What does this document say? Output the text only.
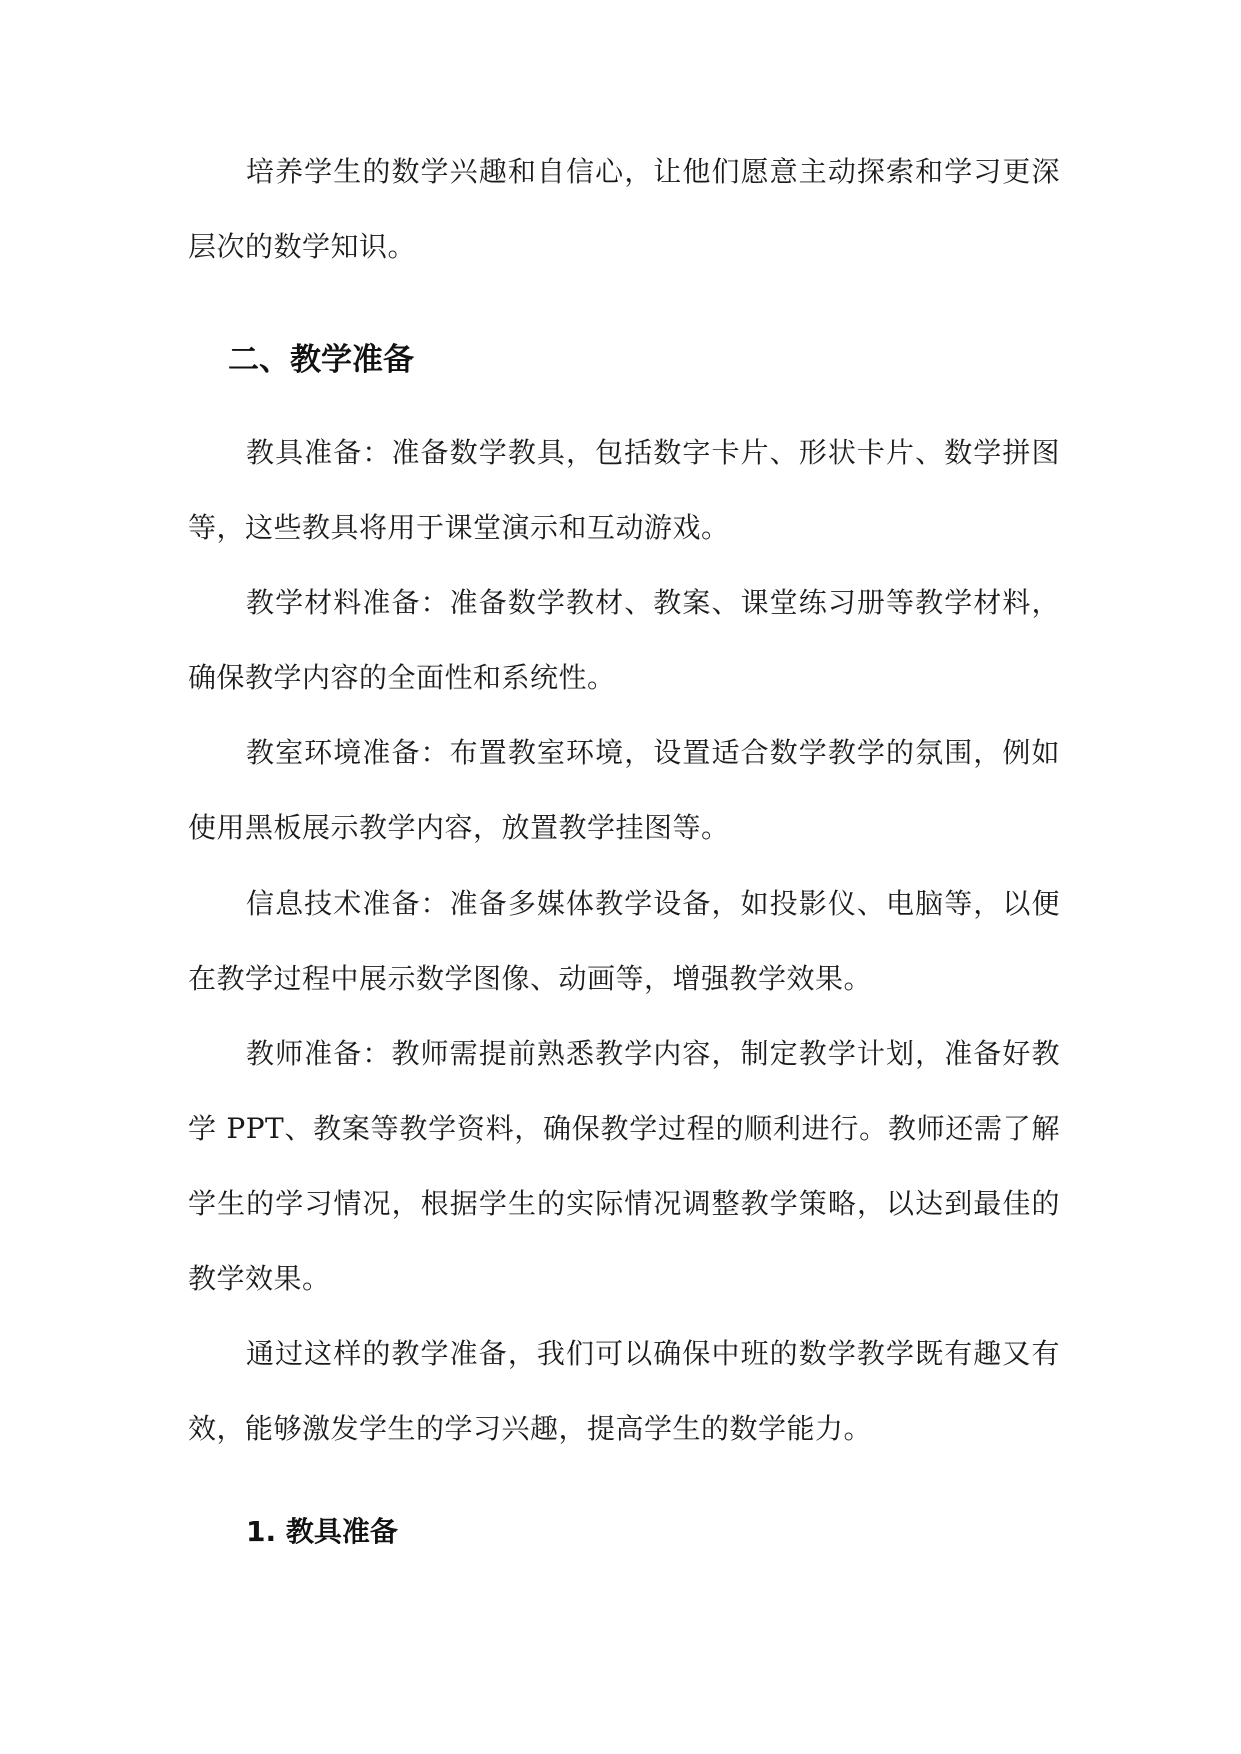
培养学生的数学兴趣和自信心，让他们愿意主动探索和学习更深层次的数学知识。

二、教学准备

教具准备：准备数学教具，包括数字卡片、形状卡片、数学拼图等，这些教具将用于课堂演示和互动游戏。

教学材料准备：准备数学教材、教案、课堂练习册等教学材料，确保教学内容的全面性和系统性。

教室环境准备：布置教室环境，设置适合数学教学的氛围，例如使用黑板展示教学内容，放置教学挂图等。

信息技术准备：准备多媒体教学设备，如投影仪、电脑等，以便在教学过程中展示数学图像、动画等，增强教学效果。

教师准备：教师需提前熟悉教学内容，制定教学计划，准备好教学 PPT、教案等教学资料，确保教学过程的顺利进行。教师还需了解学生的学习情况，根据学生的实际情况调整教学策略，以达到最佳的教学效果。

通过这样的教学准备，我们可以确保中班的数学教学既有趣又有效，能够激发学生的学习兴趣，提高学生的数学能力。

1. 教具准备
